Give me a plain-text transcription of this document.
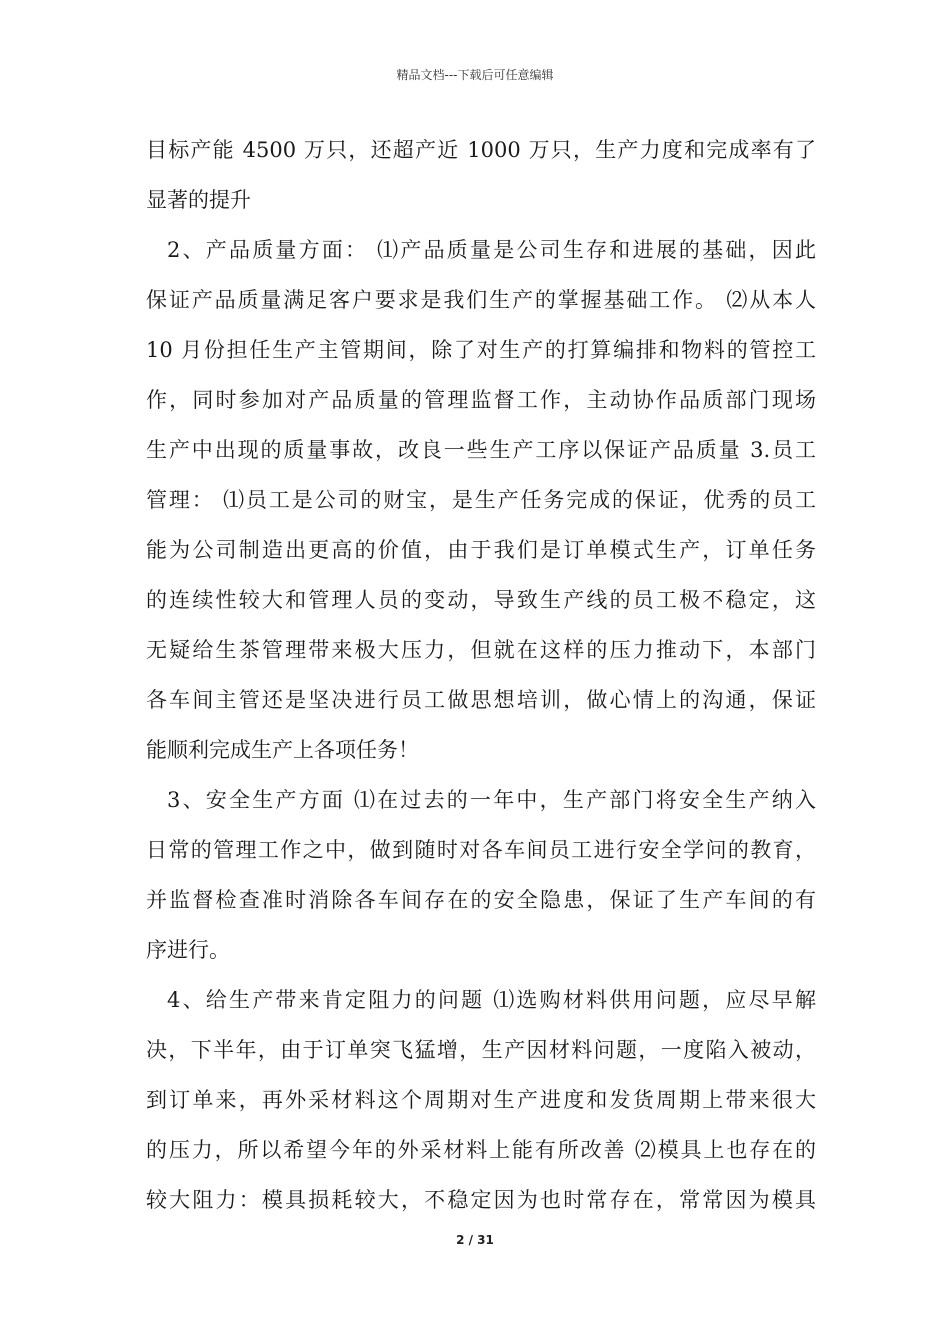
精品文档---下载后可任意编辑
目标产能 4500 万只，还超产近 1000 万只，生产力度和完成率有了
显著的提升
2、产品质量方面： ⑴产品质量是公司生存和进展的基础，因此
保证产品质量满足客户要求是我们生产的掌握基础工作。 ⑵从本人
10 月份担任生产主管期间，除了对生产的打算编排和物料的管控工
作，同时参加对产品质量的管理监督工作，主动协作品质部门现场
生产中出现的质量事故，改良一些生产工序以保证产品质量 3.员工
管理： ⑴员工是公司的财宝，是生产任务完成的保证，优秀的员工
能为公司制造出更高的价值，由于我们是订单模式生产，订单任务
的连续性较大和管理人员的变动，导致生产线的员工极不稳定，这
无疑给生茶管理带来极大压力，但就在这样的压力推动下，本部门
各车间主管还是坚决进行员工做思想培训，做心情上的沟通，保证
能顺利完成生产上各项任务！
3、安全生产方面 ⑴在过去的一年中，生产部门将安全生产纳入
日常的管理工作之中，做到随时对各车间员工进行安全学问的教育，
并监督检查准时消除各车间存在的安全隐患，保证了生产车间的有
序进行。
4、给生产带来肯定阻力的问题 ⑴选购材料供用问题，应尽早解
决，下半年，由于订单突飞猛增，生产因材料问题，一度陷入被动，
到订单来，再外采材料这个周期对生产进度和发货周期上带来很大
的压力，所以希望今年的外采材料上能有所改善 ⑵模具上也存在的
较大阻力：模具损耗较大，不稳定因为也时常存在，常常因为模具
2 / 31
